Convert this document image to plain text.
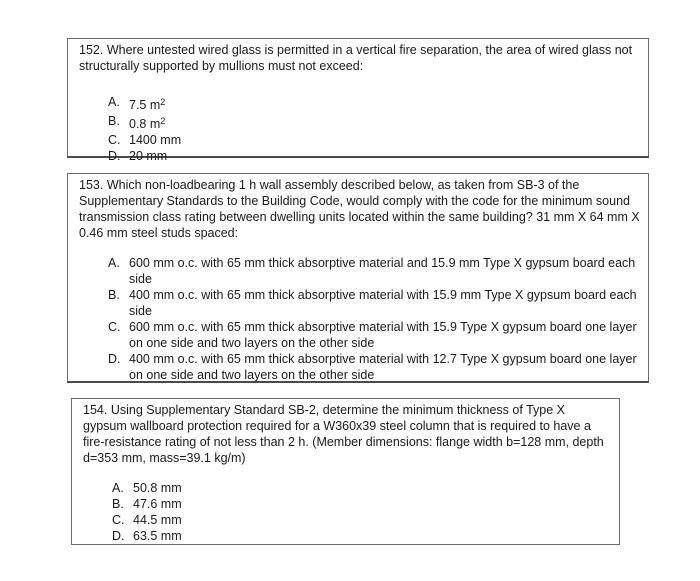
152. Where untested wired glass is permitted in a vertical fire separation, the area of wired glass not structurally supported by mullions must not exceed:

A. 7.5 $m^2$
B. 0.8 $m^2$
C. 1400 mm
D. 20 mm

153. Which non-loadbearing 1 h wall assembly described below, as taken from SB-3 of the Supplementary Standards to the Building Code, would comply with the code for the minimum sound transmission class rating between dwelling units located within the same building? 31 mm X 64 mm X 0.46 mm steel studs spaced:

A. 600 mm o.c. with 65 mm thick absorptive material and 15.9 mm Type X gypsum board each side
B. 400 mm o.c. with 65 mm thick absorptive material with 15.9 mm Type X gypsum board each side
C. 600 mm o.c. with 65 mm thick absorptive material with 15.9 Type X gypsum board one layer on one side and two layers on the other side
D. 400 mm o.c. with 65 mm thick absorptive material with 12.7 Type X gypsum board one layer on one side and two layers on the other side

154. Using Supplementary Standard SB-2, determine the minimum thickness of Type X gypsum wallboard protection required for a W360x39 steel column that is required to have a fire-resistance rating of not less than 2 h. (Member dimensions: flange width b=128 mm, depth d=353 mm, mass=39.1 kg/m)

A. 50.8 mm
B. 47.6 mm
C. 44.5 mm
D. 63.5 mm
